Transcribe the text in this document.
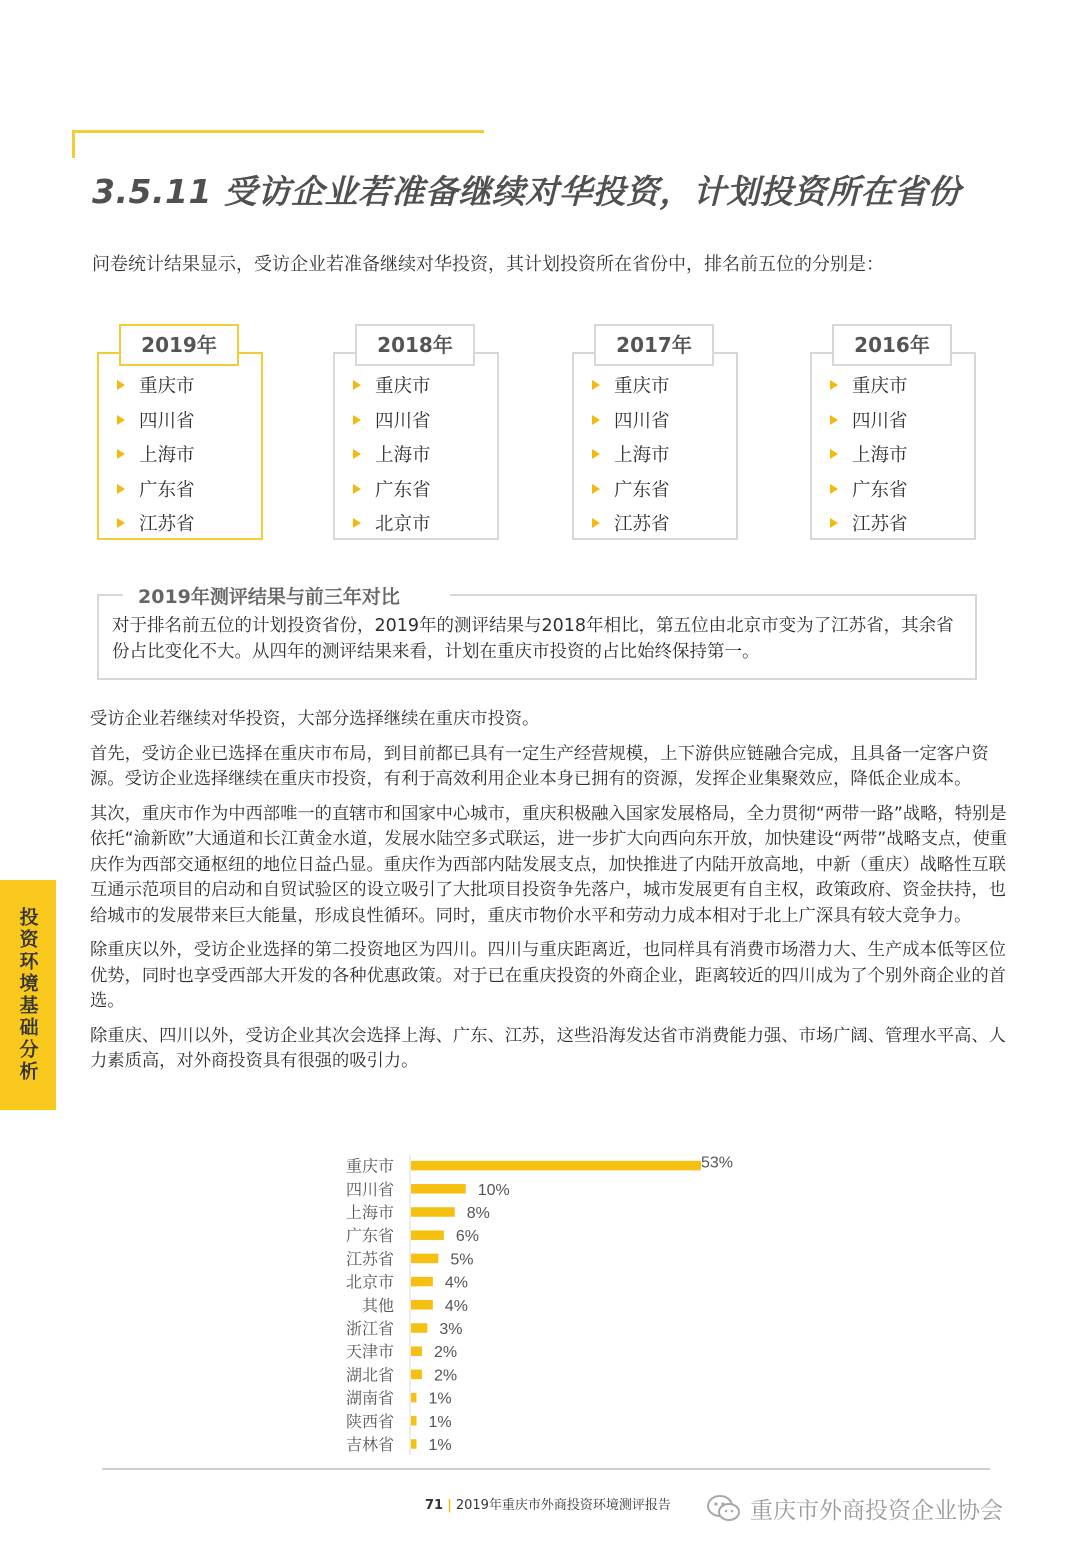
3.5.11 受访企业若准备继续对华投资，计划投资所在省份
问卷统计结果显示，受访企业若准备继续对华投资，其计划投资所在省份中，排名前五位的分别是：
2019年
重庆市
四川省
上海市
广东省
江苏省
2018年
重庆市
四川省
上海市
广东省
北京市
2017年
重庆市
四川省
上海市
广东省
江苏省
2016年
重庆市
四川省
上海市
广东省
江苏省
2019年测评结果与前三年对比
对于排名前五位的计划投资省份，2019年的测评结果与2018年相比，第五位由北京市变为了江苏省，其余省份占比变化不大。从四年的测评结果来看，计划在重庆市投资的占比始终保持第一。

受访企业若继续对华投资，大部分选择继续在重庆市投资。

首先，受访企业已选择在重庆市布局，到目前都已具有一定生产经营规模，上下游供应链融合完成，且具备一定客户资源。受访企业选择继续在重庆市投资，有利于高效利用企业本身已拥有的资源，发挥企业集聚效应，降低企业成本。

其次，重庆市作为中西部唯一的直辖市和国家中心城市，重庆积极融入国家发展格局，全力贯彻“两带一路”战略，特别是依托“渝新欧”大通道和长江黄金水道，发展水陆空多式联运，进一步扩大向西向东开放，加快建设“两带”战略支点，使重庆作为西部交通枢纽的地位日益凸显。重庆作为西部内陆发展支点，加快推进了内陆开放高地，中新（重庆）战略性互联互通示范项目的启动和自贸试验区的设立吸引了大批项目投资争先落户，城市发展更有自主权，政策政府、资金扶持，也给城市的发展带来巨大能量，形成良性循环。同时，重庆市物价水平和劳动力成本相对于北上广深具有较大竞争力。

除重庆以外，受访企业选择的第二投资地区为四川。四川与重庆距离近，也同样具有消费市场潜力大、生产成本低等区位优势，同时也享受西部大开发的各种优惠政策。对于已在重庆投资的外商企业，距离较近的四川成为了个别外商企业的首选。

除重庆、四川以外，受访企业其次会选择上海、广东、江苏，这些沿海发达省市消费能力强、市场广阔、管理水平高、人力素质高，对外商投资具有很强的吸引力。

投资环境基础分析
重庆市	53%
四川省	10%
上海市	8%
广东省	6%
江苏省	5%
北京市	4%
其他	4%
浙江省	3%
天津市 2%
湖北省 2%
湖南省 1%
陕西省 1%
吉林省 1%
71 | 2019年重庆市外商投资环境测评报告	重庆市外商投资企业协会
